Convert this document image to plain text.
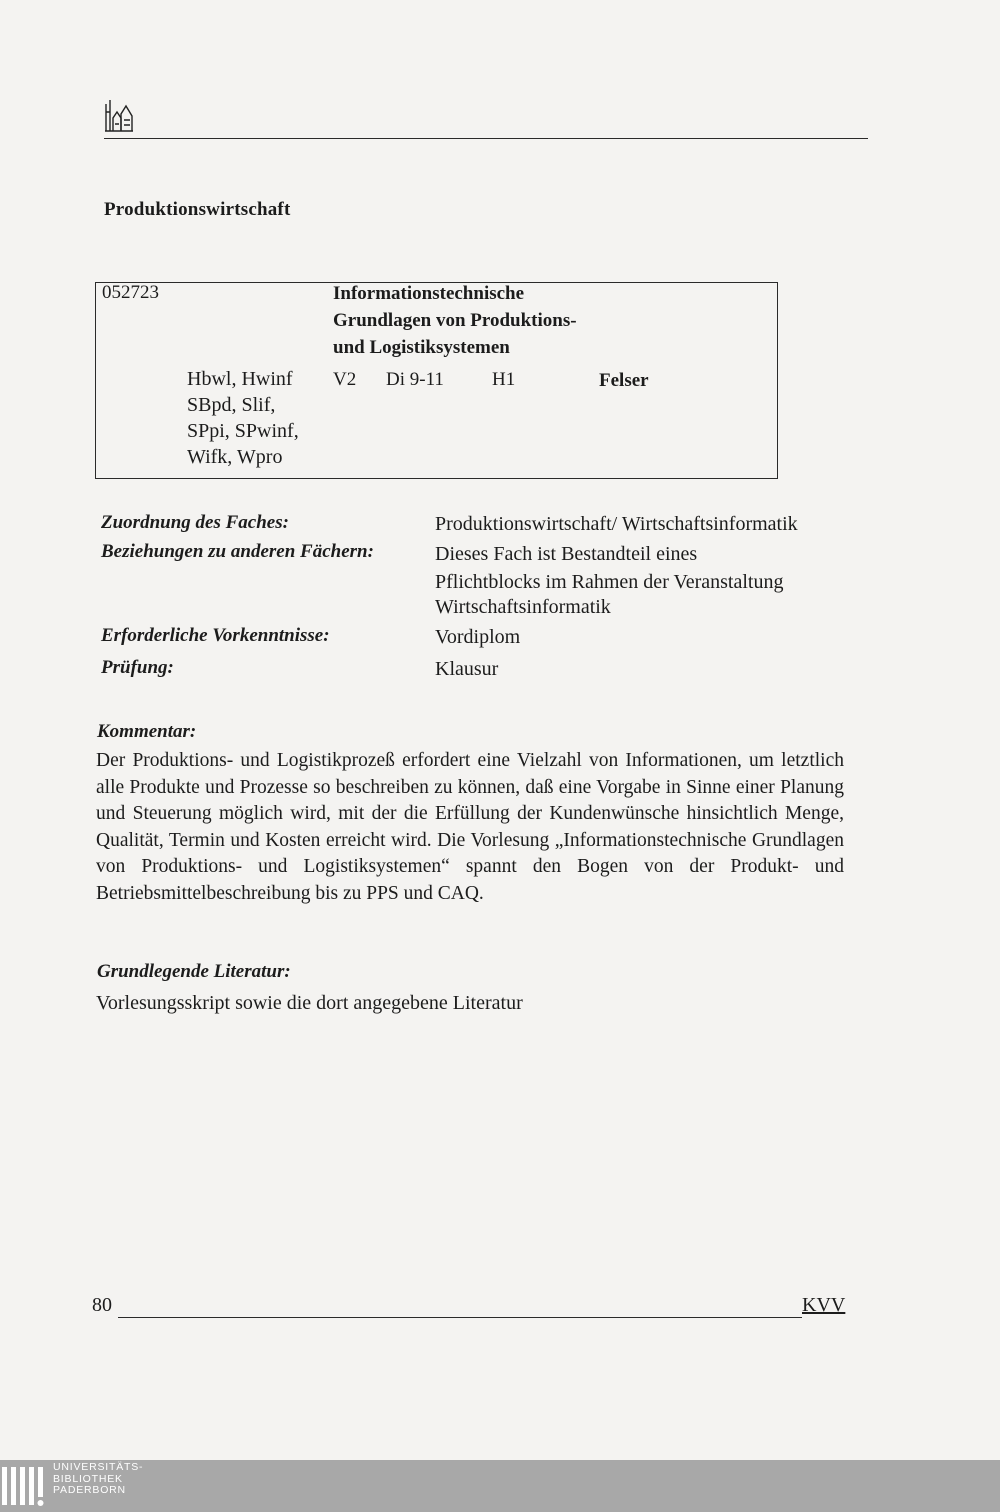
Produktionswirtschaft
052723	Informationstechnische
Grundlagen von Produktions-
und Logistiksystemen
Hbwl, Hwinf
SBpd, Slif,
SPpi, SPwinf,
Wifk, Wpro
V2 Di 9-11	H1	Felser
Zuordnung des Faches:	Produktionswirtschaft/ Wirtschaftsinformatik
Beziehungen zu anderen Fächern:	Dieses Fach ist Bestandteil eines
Pflichtblocks im Rahmen der Veranstaltung
Wirtschaftsinformatik
Erforderliche Vorkenntnisse:	Vordiplom
Prüfung:	Klausur
Kommentar:
Der Produktions- und Logistikprozeß erfordert eine Vielzahl von Informationen, um letztlich alle Produkte und Prozesse so beschreiben zu können, daß eine Vorgabe in Sinne einer Planung und Steuerung möglich wird, mit der die Erfüllung der Kundenwünsche hinsichtlich Menge, Qualität, Termin und Kosten erreicht wird. Die Vorlesung „Informationstechnische Grundlagen von Produktions- und Logistiksystemen“ spannt den Bogen von der Produkt- und Betriebsmittelbeschreibung bis zu PPS und CAQ.
Grundlegende Literatur:
Vorlesungsskript sowie die dort angegebene Literatur
80	KVV
UNIVERSITÄTS-
BIBLIOTHEK
PADERBORN
